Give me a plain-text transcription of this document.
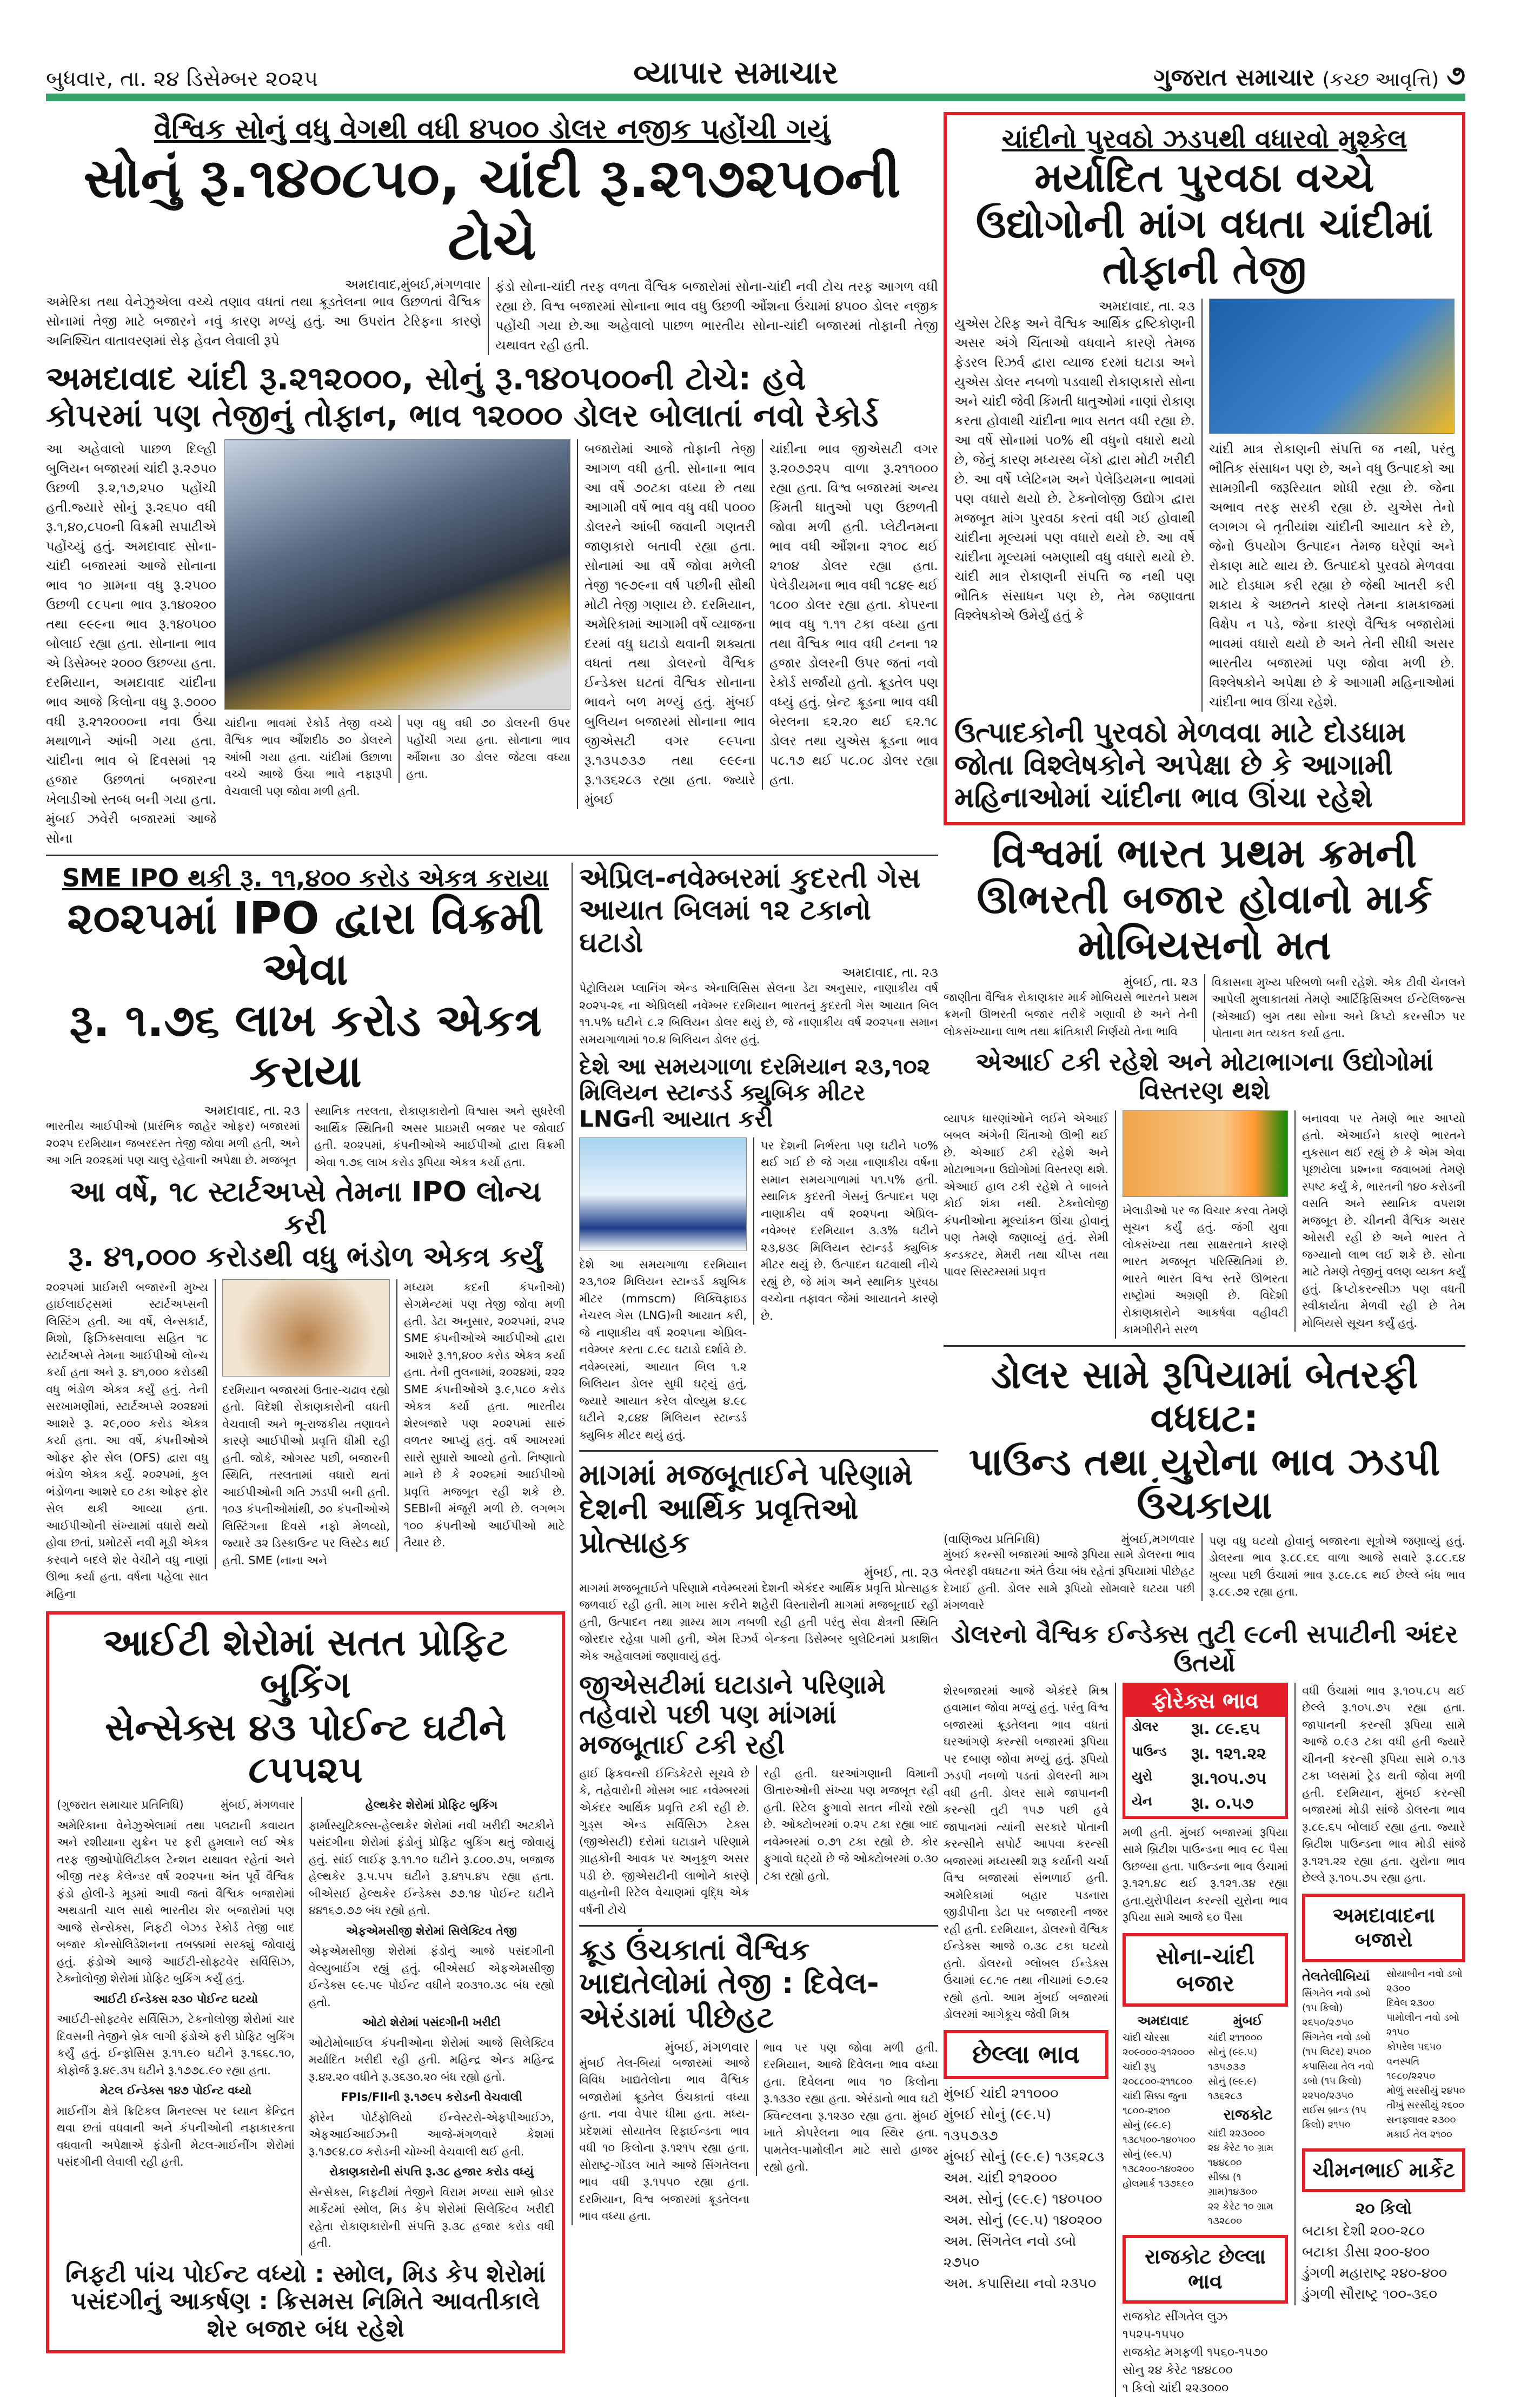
બુધવાર, તા. ૨૪ ડિસેમ્બર ૨૦૨૫	વ્યાપાર સમાચાર	ગુજરાત સમાચાર (કચ્છ આવૃત્તિ) ૭
વૈશ્વિક સોનું વધુ વેગથી વધી ૪૫૦૦ ડોલર નજીક પહોંચી ગયું
સોનું રૂ.૧૪૦૮૫૦, ચાંદી રૂ.૨૧૭૨૫૦ની ટોચે
અમદાવાદ,મુંબઈ,મંગળવાર
અમેરિકા તથા વેનેઝુએલા વચ્ચે તણાવ વધતાં તથા ક્રૂડતેલના ભાવ ઉછળતાં વૈશ્વિક સોનામાં તેજી માટે બજારને નવું કારણ મળ્યું હતું. આ ઉપરાંત ટેરિફના કારણે અનિશ્ચિત વાતાવરણમાં સેફ હેવન લેવાલી રૂપે
ફંડો સોના-ચાંદી તરફ વળતા વૈશ્વિક બજારોમાં સોના-ચાંદી નવી ટોચ તરફ આગળ વધી રહ્યા છે. વિશ્વ બજારમાં સોનાના ભાવ વધુ ઉછળી ઔંશના ઉંચામાં ૪૫૦૦ ડોલર નજીક પહોંચી ગયા છે.આ અહેવાલો પાછળ ભારતીય સોના-ચાંદી બજારમાં તોફાની તેજી યથાવત રહી હતી.
અમદાવાદ ચાંદી રૂ.૨૧૨૦૦૦, સોનું રૂ.૧૪૦૫૦૦ની ટોચે: હવે
કોપરમાં પણ તેજીનું તોફાન, ભાવ ૧૨૦૦૦ ડોલર બોલાતાં નવો રેકોર્ડ
આ અહેવાલો પાછળ દિલ્હી બુલિયન બજારમાં ચાંદી રૂ.૨૭૫૦ ઉછળી રૂ.૨,૧૭,૨૫૦ પહોંચી હતી.જ્યારે સોનું રૂ.૨૬૫૦ વધી રૂ.૧,૪૦,૮૫૦ની વિક્રમી સપાટીએ પહોંચ્યું હતું. અમદાવાદ સોના-ચાંદી બજારમાં આજે સોનાના ભાવ ૧૦ ગ્રામના વધુ રૂ.૨૫૦૦ ઉછળી ૯૯૫ના ભાવ રૂ.૧૪૦૨૦૦ તથા ૯૯૯ના ભાવ રૂ.૧૪૦૫૦૦ બોલાઈ રહ્યા હતા. સોનાના ભાવ એ ડિસેમ્બર ૨૦૦૦ ઉછળ્યા હતા. દરમિયાન, અમદાવાદ ચાંદીના ભાવ આજે કિલોના વધુ રૂ.૭૦૦૦ વધી રૂ.૨૧૨૦૦૦ના નવા ઉંચા મથાળાને આંબી ગયા હતા. ચાંદીના ભાવ બે દિવસમાં ૧૨ હજાર ઉછળતાં બજારના ખેલાડીઓ સ્તબ્ધ બની ગયા હતા. મુંબઈ ઝવેરી બજારમાં આજે સોના
ચાંદીના ભાવમાં રેકોર્ડ તેજી વચ્ચે વૈશ્વિક ભાવ ઔંશદીઠ ૭૦ ડોલરને આંબી ગયા હતા. ચાંદીમાં ઉછાળા વચ્ચે આજે ઉંચા ભાવે નફારૂપી વેચવાલી પણ જોવા મળી હતી.
પણ વધુ વધી ૭૦ ડોલરની ઉપર પહોંચી ગયા હતા. સોનાના ભાવ ઔંશના ૩૦ ડોલર જેટલા વધ્યા હતા.
બજારોમાં આજે તોફાની તેજી આગળ વધી હતી. સોનાના ભાવ આ વર્ષે ૭૦ટકા વધ્યા છે તથા આગામી વર્ષે ભાવ વધુ વધી ૫૦૦૦ ડોલરને આંબી જવાની ગણતરી જાણકારો બતાવી રહ્યા હતા. સોનામાં આ વર્ષે જોવા મળેલી તેજી ૧૯૭૯ના વર્ષ પછીની સૌથી મોટી તેજી ગણાય છે. દરમિયાન, અમેરિકામાં આગામી વર્ષે વ્યાજના દરમાં વધુ ઘટાડો થવાની શક્યતા વધતાં તથા ડોલરનો વૈશ્વિક ઈન્ડેક્સ ઘટતાં વૈશ્વિક સોનાના ભાવને બળ મળ્યું હતું. મુંબઈ બુલિયન બજારમાં સોનાના ભાવ જીએસટી વગર ૯૯૫ના રૂ.૧૩૫૭૩૭ તથા ૯૯૯ના રૂ.૧૩૬૨૮૩ રહ્યા હતા. જ્યારે મુંબઈ
ચાંદીના ભાવ જીએસટી વગર રૂ.૨૦૭૭૨૫ વાળા રૂ.૨૧૧૦૦૦ રહ્યા હતા. વિશ્વ બજારમાં અન્ય કિંમતી ધાતુઓ પણ ઉછળતી જોવા મળી હતી. પ્લેટીનમના ભાવ વધી ઔંશના ૨૧૦૮ થઈ ૨૧૦૪ ડોલર રહ્યા હતા. પેલેડીયમના ભાવ વધી ૧૮૪૯ થઈ ૧૮૦૦ ડોલર રહ્યા હતા. કોપરના ભાવ વધુ ૧.૧૧ ટકા વધ્યા હતા તથા વૈશ્વિક ભાવ વધી ટનના ૧૨ હજાર ડોલરની ઉપર જતાં નવો રેકોર્ડ સર્જાયો હતો. ક્રૂડતેલ પણ વધ્યું હતું. બ્રેન્ટ ક્રૂડના ભાવ વધી બેરલના ૬૨.૨૦ થઈ ૬૨.૧૮ ડોલર તથા યુએસ ક્રૂડના ભાવ ૫૮.૧૭ થઈ ૫૮.૦૮ ડોલર રહ્યા હતા.
SME IPO થકી રૂ. ૧૧,૪૦૦ કરોડ એકત્ર કરાયા
૨૦૨૫માં IPO દ્વારા વિક્રમી એવા
રૂ. ૧.૭૬ લાખ કરોડ એકત્ર કરાયા
અમદાવાદ, તા. ૨૩
ભારતીય આઈપીઓ (પ્રારંભિક જાહેર ઓફર) બજારમાં ૨૦૨૫ દરમિયાન જબરદસ્ત તેજી જોવા મળી હતી, અને આ ગતિ ૨૦૨૬માં પણ ચાલુ રહેવાની અપેક્ષા છે. મજબૂત
સ્થાનિક તરલતા, રોકાણકારોનો વિશ્વાસ અને સુધરેલી આર્થિક સ્થિતિની અસર પ્રાઇમરી બજાર પર જોવાઈ હતી. ૨૦૨૫માં, કંપનીઓએ આઈપીઓ દ્વારા વિક્રમી એવા ૧.૭૬ લાખ કરોડ રૂપિયા એકત્ર કર્યા હતા.
આ વર્ષે, ૧૮ સ્ટાર્ટઅપ્સે તેમના IPO લોન્ચ કરી
રૂ. ૪૧,૦૦૦ કરોડથી વધુ ભંડોળ એકત્ર કર્યું
૨૦૨૫માં પ્રાઈમરી બજારની મુખ્ય હાઈલાઈટ્સમાં સ્ટાર્ટઅપ્સની લિસ્ટિંગ હતી. આ વર્ષે, લેન્સકાર્ટ, મિશો, ફિઝિક્સવાલા સહિત ૧૮ સ્ટાર્ટઅપ્સે તેમના આઈપીઓ લોન્ચ કર્યા હતા અને રૂ. ૪૧,૦૦૦ કરોડથી વધુ ભંડોળ એકત્ર કર્યું હતું. તેની સરખામણીમાં, સ્ટાર્ટઅપ્સે ૨૦૨૪માં આશરે રૂ. ૨૯,૦૦૦ કરોડ એકત્ર કર્યા હતા. આ વર્ષે, કંપનીઓએ ઓફર ફોર સેલ (OFS) દ્વારા વધુ ભંડોળ એકત્ર કર્યું. ૨૦૨૫માં, કુલ ભંડોળના આશરે ૬૦ ટકા ઓફર ફોર સેલ થકી આવ્યા હતા. આઈપીઓની સંખ્યામાં વધારો થયો હોવા છતાં, પ્રમોટર્સે નવી મૂડી એકત્ર કરવાને બદલે શેર વેચીને વધુ નાણાં ઊભા કર્યા હતા. વર્ષના પહેલા સાત મહિના
દરમિયાન બજારમાં ઉતાર-ચઢાવ રહ્યો હતો. વિદેશી રોકાણકારોની વધતી વેચવાલી અને ભૂ-રાજકીય તણાવને કારણે આઈપીઓ પ્રવૃત્તિ ધીમી રહી હતી. જોકે, ઓગસ્ટ પછી, બજારની સ્થિતિ, તરલતામાં વધારો થતાં આઈપીઓની ગતિ ઝડપી બની હતી. ૧૦૩ કંપનીઓમાંથી, ૭૦ કંપનીઓએ લિસ્ટિંગના દિવસે નફો મેળવ્યો, જ્યારે ૩૨ ડિસ્કાઉન્ટ પર લિસ્ટેડ થઈ હતી. SME (નાના અને
મધ્યમ કદની કંપનીઓ) સેગમેન્ટમાં પણ તેજી જોવા મળી હતી. ડેટા અનુસાર, ૨૦૨૫માં, ૨૫૨ SME કંપનીઓએ આઈપીઓ દ્વારા આશરે રૂ.૧૧,૪૦૦ કરોડ એકત્ર કર્યા હતા. તેની તુલનામાં, ૨૦૨૪માં, ૨૨૨ SME કંપનીઓએ રૂ.૯,૫૮૦ કરોડ એકત્ર કર્યા હતા. ભારતીય શેરબજારે પણ ૨૦૨૫માં સારું વળતર આપ્યું હતું. વર્ષ આખરમાં સારો સુધારો આવ્યો હતો. નિષ્ણાતો માને છે કે ૨૦૨૬માં આઈપીઓ પ્રવૃત્તિ મજબૂત રહી શકે છે. SEBIની મંજૂરી મળી છે. લગભગ ૧૦૦ કંપનીઓ આઈપીઓ માટે તૈયાર છે.
આઈટી શેરોમાં સતત પ્રોફિટ બુકિંગ
સેન્સેક્સ ૪૩ પોઈન્ટ ઘટીને ૮૫૫૨૫
(ગુજરાત સમાચાર પ્રતિનિધિ)	મુંબઈ, મંગળવાર

અમેરિકાના વેનેઝુએલામાં તથા પલટાની કવાયત અને રશીયાના યુક્રેન પર ફરી હુમલાને લઈ એક તરફ જીઓપોલિટીકલ ટેન્શન યથાવત રહેતાં અને બીજી તરફ કેલેન્ડર વર્ષ ૨૦૨૫ના અંત પૂર્વે વૈશ્વિક ફંડો હોલી-ડે મૂડમાં આવી જતાં વૈશ્વિક બજારોમાં અથડાતી ચાલ સાથે ભારતીય શેર બજારોમાં પણ આજે સેન્સેક્સ, નિફટી બેઝડ રેકોર્ડ તેજી બાદ બજાર કોન્સોલિડેશનના તબક્કામાં સરક્યું જોવાયું હતું. ફંડોએ આજે આઈટી-સોફ્ટવેર સર્વિસિઝ, ટેક્નોલોજી શેરોમાં પ્રોફિટ બુકિંગ કર્યું હતું.

આઈટી ઈન્ડેક્સ ૨૩૦ પોઈન્ટ ઘટયો

આઈટી-સોફ્ટવેર સર્વિસિઝ, ટેકનોલોજી શેરોમાં ચાર દિવસની તેજીને બ્રેક લાગી ફંડોએ ફરી પ્રોફિટ બુકિંગ કર્યું હતું. ઈન્ફોસિસ રૂ.૧૧.૯૦ ઘટીને રૂ.૧૬૬૮.૧૦, કોફોર્જ રૂ.૪૯.૩૫ ઘટીને રૂ.૧૭૭૮.૯૦ રહ્યા હતા.

મેટલ ઈન્ડેક્સ ૧૪૭ પોઈન્ટ વધ્યો

માઈનીંગ ક્ષેત્રે ક્રિટિકલ મિનરલ્સ પર ધ્યાન કેન્દ્રિત થવા છતાં વધવાની અને કંપનીઓની નફાકારકતા વધવાની અપેક્ષાએ ફંડોની મેટલ-માઈનીંગ શેરોમાં પસંદગીની લેવાલી રહી હતી.

હેલ્થકેર શેરોમાં પ્રોફિટ બુકિંગ

ફાર્માસ્યુટિકલ્સ-હેલ્થકેર શેરોમાં નવી ખરીદી અટકીને પસંદગીના શેરોમાં ફંડોનું પ્રોફિટ બુકિંગ થતું જોવાયું હતું. સાંઈ લાઈફ રૂ.૧૧.૧૦ ઘટીને રૂ.૮૦૦.૭૫, બજાજ હેલ્થકેર રૂ.૫.૫૫ ઘટીને રૂ.૪૧૫.૪૫ રહ્યા હતા. બીએસઈ હેલ્થકેર ઈન્ડેક્સ ૭૭.૧૪ પોઈન્ટ ઘટીને ૪૪૧૬૭.૭૭ બંધ રહ્યો હતો.

એફએમસીજી શેરોમાં સિલેક્ટિવ તેજી

એફએમસીજી શેરોમાં ફંડોનું આજે પસંદગીની વેલ્યુબાઈંગ રહ્યું હતું. બીએસઈ એફએમસીજી ઈન્ડેક્સ ૯૯.૫૯ પોઈન્ટ વધીને ૨૦૩૧૦.૩૮ બંધ રહ્યો હતો.

ઓટો શેરોમાં પસંદગીની ખરીદી

ઓટોમોબાઈલ કંપનીઓના શેરોમાં આજે સિલેક્ટિવ મર્યાદિત ખરીદી રહી હતી. મહિન્દ્ર એન્ડ મહિન્દ્ર રૂ.૪૨.૨૦ વધીને રૂ.૩૬૩૦.૨૦ બંધ રહ્યો હતો.

FPIs/FIIની રૂ.૧૭૯૫ કરોડની વેચવાલી

ફોરેન પોર્ટફોલિયો ઈન્વેસ્ટરો-એફપીઆઈઝ, એફઆઈઆઈઝની આજે-મંગળવારે કેશમાં રૂ.૧૭૯૪.૮૦ કરોડની ચોખ્ખી વેચવાલી થઈ હતી.

રોકાણકારોની સંપત્તિ રૂ.૩૮ હજાર કરોડ વધ્યું

સેન્સેક્સ, નિફટીમાં તેજીને વિરામ મળ્યા સામે બ્રોડર માર્કેટમાં સ્મોલ, મિડ કેપ શેરોમાં સિલેક્ટિવ ખરીદી રહેતા રોકાણકારોની સંપત્તિ રૂ.૩૮ હજાર કરોડ વધી હતી.

નિફટી પાંચ પોઈન્ટ વધ્યો : સ્મોલ, મિડ કેપ શેરોમાં પસંદગીનું આકર્ષણ : ક્રિસમસ નિમિતે આવતીકાલે શેર બજાર બંધ રહેશે
એપ્રિલ-નવેમ્બરમાં કુદરતી ગેસ આયાત બિલમાં ૧૨ ટકાનો ઘટાડો
અમદાવાદ, તા. ૨૩
પેટ્રોલિયમ પ્લાનિંગ એન્ડ એનાલિસિસ સેલના ડેટા અનુસાર, નાણાકીય વર્ષ ૨૦૨૫-૨૬ ના એપ્રિલથી નવેમ્બર દરમિયાન ભારતનું કુદરતી ગેસ આયાત બિલ ૧૧.૫% ઘટીને ૮.૨ બિલિયન ડોલર થયું છે, જે નાણાકીય વર્ષ ૨૦૨૫ના સમાન સમયગાળામાં ૧૦.૪ બિલિયન ડોલર હતું.
દેશે આ સમયગાળા દરમિયાન ૨૩,૧૦૨ મિલિયન સ્ટાન્ડર્ડ ક્યુબિક મીટર LNGની આયાત કરી
દેશે આ સમયગાળા દરમિયાન ૨૩,૧૦૨ મિલિયન સ્ટાન્ડર્ડ ક્યુબિક મીટર (mmscm) લિક્વિફાઇડ નેચરલ ગેસ (LNG)ની આયાત કરી, જે નાણાકીય વર્ષ ૨૦૨૫ના એપ્રિલ-નવેમ્બર કરતા ૮.૯૮ ઘટાડો દર્શાવે છે. નવેમ્બરમાં, આયાત બિલ ૧.૨ બિલિયન ડોલર સુધી ઘટ્યું હતું, જ્યારે આયાત કરેલ વોલ્યુમ ૪.૯૮ ઘટીને ૨,૮૪૪ મિલિયન સ્ટાન્ડર્ડ ક્યુબિક મીટર થયું હતું.
પર દેશની નિર્ભરતા પણ ઘટીને ૫૦% થઈ ગઈ છે જે ગયા નાણાકીય વર્ષના સમાન સમયગાળામાં ૫૧.૫% હતી. સ્થાનિક કુદરતી ગેસનું ઉત્પાદન પણ નાણાકીય વર્ષ ૨૦૨૫ના એપ્રિલ-નવેમ્બર દરમિયાન ૩.૩% ઘટીને ૨૩,૪૩૯ મિલિયન સ્ટાન્ડર્ડ ક્યુબિક મીટર થયું છે. ઉત્પાદન ઘટવાથી નીચે રહ્યું છે, જે માંગ અને સ્થાનિક પુરવઠા વચ્ચેના તફાવત જેમાં આયાતને કારણે છે.
માગમાં મજબૂતાઈને પરિણામે દેશની આર્થિક પ્રવૃત્તિઓ પ્રોત્સાહક
મુંબઈ, તા. ૨૩
માગમાં મજબૂતાઈને પરિણામે નવેમ્બરમાં દેશની એકંદર આર્થિક પ્રવૃત્તિ પ્રોત્સાહક જળવાઈ રહી હતી. માગ ખાસ કરીને શહેરી વિસ્તારોની માગમાં મજબૂતાઈ રહી હતી, ઉત્પાદન તથા ગ્રામ્ય માગ નબળી રહી હતી પરંતુ સેવા ક્ષેત્રની સ્થિતિ જોરદાર રહેવા પામી હતી, એમ રિઝર્વ બેન્કના ડિસેમ્બર બુલેટિનમાં પ્રકાશિત એક અહેવાલમાં જણાવાયું હતું.
જીએસટીમાં ઘટાડાને પરિણામે તહેવારો પછી પણ માંગમાં મજબૂતાઈ ટકી રહી
હાઈ ફ્રિકવન્સી ઈન્ડિકેટરો સૂચવે છે કે, તહેવારોની મોસમ બાદ નવેમ્બરમાં એકંદર આર્થિક પ્રવૃત્તિ ટકી રહી છે. ગુડ્સ એન્ડ સર્વિસિઝ ટેક્સ (જીએસટી) દરોમાં ઘટાડાને પરિણામે ગ્રાહકોની આવક પર અનુકૂળ અસર પડી છે. જીએસટીની લાભોને કારણે વાહનોની રિટેલ વેચાણમાં વૃદ્ધિ એક વર્ષની ટોચે
રહી હતી. ઘરઆંગણાની વિમાની ઊતારુઓની સંખ્યા પણ મજબૂત રહી હતી. રિટેલ ફુગાવો સતત નીચો રહ્યો છે. ઓક્ટોબરમાં ૦.૨૫ ટકા રહ્યા બાદ નવેમ્બરમાં ૦.૭૧ ટકા રહ્યો છે. કોર ફુગાવો ઘટ્યો છે જે ઓક્ટોબરમાં ૦.૩૦ ટકા રહ્યો હતો.
ક્રૂડ ઉંચકાતાં વૈશ્વિક ખાદ્યતેલોમાં તેજી : દિવેલ-એરંડામાં પીછેહટ
મુંબઈ, મંગળવાર
મુંબઈ તેલ-બિયાં બજારમાં આજે વિવિધ ખાદ્યતેલોના ભાવ વૈશ્વિક બજારોમાં ક્રૂડતેલ ઉંચકાતાં વધ્યા હતા. નવા વેપાર ધીમા હતા. મધ્ય-પ્રદેશમાં સોયાતેલ રિફાઈન્ડના ભાવ વધી ૧૦ કિલોના રૂ.૧૨૧૫ રહ્યા હતા. સોરાષ્ટ્ર-ગોંડલ ખાતે આજે સિંગતેલના ભાવ વધી રૂ.૧૫૫૦ રહ્યા હતા. દરમિયાન, વિશ્વ બજારમાં ક્રૂડતેલના ભાવ વધ્યા હતા.
ભાવ પર પણ જોવા મળી હતી. દરમિયાન, આજે દિવેલના ભાવ વધ્યા હતા. દિવેલના ભાવ ૧૦ કિલોના રૂ.૧૩૩૦ રહ્યા હતા. એરંડાનો ભાવ ઘટી ક્વિન્ટલના રૂ.૧૨૩૦ રહ્યા હતા. મુંબઈ ખાતે કોપરેલના ભાવ સ્થિર હતા. પામતેલ-પામોલીન માટે સારો હાજર રહ્યો હતો.
ચાંદીનો પુરવઠો ઝડપથી વધારવો મુશ્કેલ
મર્યાદિત પુરવઠા વચ્ચે ઉદ્યોગોની માંગ વધતા ચાંદીમાં તોફાની તેજી
અમદાવાદ, તા. ૨૩
યુએસ ટેરિફ અને વૈશ્વિક આર્થિક દ્રષ્ટિકોણની અસર અંગે ચિંતાઓ વધવાને કારણે તેમજ ફેડરલ રિઝર્વ દ્વારા વ્યાજ દરમાં ઘટાડા અને યુએસ ડોલર નબળો પડવાથી રોકાણકારો સોના અને ચાંદી જેવી કિંમતી ધાતુઓમાં નાણાં રોકાણ કરતા હોવાથી ચાંદીના ભાવ સતત વધી રહ્યા છે. આ વર્ષે સોનામાં ૫૦% થી વધુનો વધારો થયો છે, જેનું કારણ મધ્યસ્થ બેંકો દ્વારા મોટી ખરીદી છે. આ વર્ષે પ્લેટિનમ અને પેલેડિયમના ભાવમાં પણ વધારો થયો છે. ટેક્નોલોજી ઉદ્યોગ દ્વારા મજબૂત માંગ પુરવઠા કરતાં વધી ગઈ હોવાથી ચાંદીના મૂલ્યમાં પણ વધારો થયો છે. આ વર્ષે ચાંદીના મૂલ્યમાં બમણાથી વધુ વધારો થયો છે. ચાંદી માત્ર રોકાણની સંપત્તિ જ નથી પણ ભૌતિક સંસાધન પણ છે, તેમ જણાવતા વિશ્લેષકોએ ઉમેર્યું હતું કે
ચાંદી માત્ર રોકાણની સંપત્તિ જ નથી, પરંતુ ભૌતિક સંસાધન પણ છે, અને વધુ ઉત્પાદકો આ સામગ્રીની જરૂરિયાત શોધી રહ્યા છે. જેના અભાવ તરફ સરકી રહ્યા છે. યુએસ તેનો લગભગ બે તૃતીયાંશ ચાંદીની આયાત કરે છે, જેનો ઉપયોગ ઉત્પાદન તેમજ ઘરેણાં અને રોકાણ માટે થાય છે. ઉત્પાદકો પુરવઠો મેળવવા માટે દોડધામ કરી રહ્યા છે જેથી ખાતરી કરી શકાય કે અછતને કારણે તેમના કામકાજમાં વિક્ષેપ ન પડે, જેના કારણે વૈશ્વિક બજારોમાં ભાવમાં વધારો થયો છે અને તેની સીધી અસર ભારતીય બજારમાં પણ જોવા મળી છે. વિશ્લેષકોને અપેક્ષા છે કે આગામી મહિનાઓમાં ચાંદીના ભાવ ઊંચા રહેશે.
ઉત્પાદકોની પુરવઠો મેળવવા માટે દોડધામ જોતા વિશ્લેષકોને અપેક્ષા છે કે આગામી મહિનાઓમાં ચાંદીના ભાવ ઊંચા રહેશે
વિશ્વમાં ભારત પ્રથમ ક્રમની ઊભરતી બજાર હોવાનો માર્ક મોબિયસનો મત
મુંબઈ, તા. ૨૩
જાણીતા વૈશ્વિક રોકાણકાર માર્ક મોબિયસે ભારતને પ્રથમ ક્રમની ઊભરતી બજાર તરીકે ગણાવી છે અને તેની લોકસંખ્યાના લાભ તથા ક્રાંતિકારી નિર્ણયો તેના ભાવિ
વિકાસના મુખ્ય પરિબળો બની રહેશે. એક ટીવી ચેનલને આપેલી મુલાકાતમાં તેમણે આર્ટિફિસિઅલ ઈન્ટેલિજન્સ (એઆઈ) બુમ તથા સોના અને ક્રિપ્ટો કરન્સીઝ પર પોતાના મત વ્યકત કર્યા હતા.
એઆઈ ટકી રહેશે અને મોટાભાગના ઉદ્યોગોમાં વિસ્તરણ થશે
વ્યાપક ધારણાંઓને લઈને એઆઈ બબલ અંગેની ચિંતાઓ ઊભી થઈ છે. એઆઈ ટકી રહેશે અને મોટાભાગના ઉદ્યોગોમાં વિસ્તરણ થશે. એઆઈ હાલ ટકી રહેશે તે બાબતે કોઈ શંકા નથી. ટેક્નોલોજી કંપનીઓના મૂલ્યાંકન ઊંચા હોવાનું પણ તેમણે જણાવ્યું હતું. સેમી કન્ડકટર, મેમરી તથા ચીપ્સ તથા પાવર સિસ્ટમ્સમાં પ્રવૃત્ત
ખેલાડીઓ પર જ વિચાર કરવા તેમણે સૂચન કર્યું હતું. જંગી યુવા લોકસંખ્યા તથા સાક્ષરતાને કારણે ભારત મજબૂત પરિસ્થિતિમાં છે. ભારતે ભારત વિશ્વ સ્તરે ઊભરતા રાષ્ટ્રોમાં અગ્રણી છે. વિદેશી રોકાણકારોને આકર્ષવા વહીવટી કામગીરીને સરળ
બનાવવા પર તેમણે ભાર આપ્યો હતો. એઆઈને કારણે ભારતને નુકસાન થઈ રહ્યું છે કે એમ એવા પૂછાયેલા પ્રશ્નના જવાબમાં તેમણે સ્પષ્ટ કર્યું કે, ભારતની ૧૪૦ કરોડની વસતિ અને સ્થાનિક વપરાશ મજબૂત છે. ચીનની વૈશ્વિક અસર ઓસરી રહી છે અને ભારત તે જગ્યાનો લાભ લઈ શકે છે. સોના માટે તેમણે તેજીનું વલણ વ્યક્ત કર્યું હતું. ક્રિપ્ટોકરન્સીઝ પણ વધતી સ્વીકાર્યતા મેળવી રહી છે તેમ મોબિયસે સૂચન કર્યું હતું.
ડોલર સામે રૂપિયામાં બેતરફી વધઘટ:
પાઉન્ડ તથા યુરોના ભાવ ઝડપી ઉંચકાયા
(વાણિજ્ય પ્રતિનિધિ)	મુંબઈ,મગળવાર
મુંબઈ કરન્સી બજારમાં આજે રૂપિયા સામે ડોલરના ભાવ બેતરફી વધઘટના અંતે ઉંચા બંધ રહેતાં રૂપિયામાં પીછેહટ દેખાઈ હતી. ડોલર સામે રૂપિયો સોમવારે ઘટયા પછી મંગળવારે
પણ વધુ ઘટયો હોવાનું બજારના સૂત્રોએ જણાવ્યું હતું. ડોલરના ભાવ રૂ.૮૯.૬૬ વાળા આજે સવારે રૂ.૮૯.૬૪ ખુલ્યા પછી ઉંચામાં ભાવ રૂ.૮૯.૮૬ થઈ છેલ્લે બંધ ભાવ રૂ.૮૯.૭૨ રહ્યા હતા.
ડોલરનો વૈશ્વિક ઈન્ડેક્સ તુટી ૯૮ની સપાટીની અંદર ઉતર્યો
શેરબજારમાં આજે એકંદરે મિશ્ર હવામાન જોવા મળ્યું હતું. પરંતુ વિશ્વ બજારમાં ક્રૂડતેલના ભાવ વધતાં ઘરઆંગણે કરન્સી બજારમાં રૂપિયા પર દબાણ જોવા મળ્યું હતું. રૂપિયો ઝડપી નબળો પડતાં ડોલરની માગ વધી હતી. ડોલર સામે જાપાનની કરન્સી તુટી ૧૫૭ પછી હવે જાપાનમાં ત્યાંની સરકારે પોતાની કરન્સીને સપોર્ટ આપવા કરન્સી બજારમાં મધ્યસ્થી શરૂ કર્યાની ચર્ચા વિશ્વ બજારમાં સંભળાઈ હતી. અમેરિકામાં બહાર પડનારા જીડીપીના ડેટા પર બજારની નજર રહી હતી. દરમિયાન, ડોલરનો વૈશ્વિક ઈન્ડેક્સ આજે ૦.૩૮ ટકા ઘટયો હતો. ડોલરનો ગ્લોબલ ઈન્ડેક્સ ઉંચામાં ૯૮.૧૯ તથા નીચામાં ૯૭.૯૨ રહ્યો હતો. આમ મુંબઈ બજારમાં ડોલરમાં આગેકૂચ જેવી મિશ્ર
છેલ્લા ભાવ
મુંબઈ ચાંદી ૨૧૧૦૦૦
મુંબઈ સોનું (૯૯.૫) ૧૩૫૭૩૭
મુંબઈ સોનું (૯૯.૯) ૧૩૬૨૮૩
અમ. ચાંદી ૨૧૨૦૦૦
અમ. સોનું (૯૯.૯) ૧૪૦૫૦૦
અમ. સોનું (૯૯.૫) ૧૪૦૨૦૦
અમ. સિંગતેલ નવો ડબો ૨૭૫૦
અમ. કપાસિયા નવો ૨૩૫૦
ફોરેક્સ ભાવ
ડોલર	રૂા. ૮૯.૬૫
પાઉન્ડ	રૂા. ૧૨૧.૨૨
યુરો	રૂા.૧૦૫.૭૫
યેન	રૂા. ૦.૫૭
મળી હતી. મુંબઈ બજારમાં રૂપિયા સામે બ્રિટીશ પાઉન્ડના ભાવ ૯૮ પૈસા ઉછળ્યા હતા. પાઉન્ડના ભાવ ઉંચામાં રૂ.૧૨૧.૪૮ થઈ રૂ.૧૨૧.૩૪ રહ્યા હતા.યુરોપીયન કરન્સી યુરોના ભાવ રૂપિયા સામે આજે ૬૦ પૈસા
સોના-ચાંદી બજાર
અમદાવાદ
ચાંદી ચોરસા ૨૦૯૦૦૦-૨૧૨૦૦૦
ચાંદી રૂપુ ૨૦૮૮૦૦-૨૧૧૮૦૦
ચાંદી સિક્કા જુના ૧૮૦૦-૨૧૦૦
સોનું (૯૯.૯) ૧૩૮૫૦૦-૧૪૦૫૦૦
સોનું (૯૯.૫) ૧૩૮૨૦૦-૧૪૦૨૦૦
હોલમાર્ક ૧૩૭૬૯૦
મુંબઈ
ચાંદી ૨૧૧૦૦૦
સોનું (૯૯.૫) ૧૩૫૭૩૭
સોનું (૯૯.૯) ૧૩૬૨૮૩
રાજકોટ
ચાંદી ૨૨૩૦૦૦
૨૪ કેરેટ ૧૦ ગ્રામ ૧૪૪૮૦૦
સીક્કા (૧ ગ્રામ)૧૪૩૦૦
૨૨ કેરેટ ૧૦ ગ્રામ ૧૩૨૮૦૦
રાજકોટ છેલ્લા ભાવ
રાજકોટ સીંગતેલ લુઝ ૧૫૨૫-૧૫૫૦
રાજકોટ મગફળી ૧૫૬૦-૧૫૭૦
સોનુ ૨૪ કેરેટ ૧૪૪૮૦૦
૧ કિલો ચાંદી ૨૨૩૦૦૦
વધી ઉંચામાં ભાવ રૂ.૧૦૫.૮૫ થઈ છેલ્લે રૂ.૧૦૫.૭૫ રહ્યા હતા. જાપાનની કરન્સી રૂપિયા સામે આજે ૦.૯૩ ટકા વધી હતી જ્યારે ચીનની કરન્સી રૂપિયા સામે ૦.૧૩ ટકા પ્લસમાં ટ્રેડ થતી જોવા મળી હતી. દરમિયાન, મુંબઈ કરન્સી બજારમાં મોડી સાંજે ડોલરના ભાવ રૂ.૮૯.૬૫ બોલાઈ રહ્યા હતા. જ્યારે બ્રિટીશ પાઉન્ડના ભાવ મોડી સાંજે રૂ.૧૨૧.૨૨ રહ્યા હતા. યુરોના ભાવ છેલ્લે રૂ.૧૦૫.૭૫ રહ્યા હતા.
અમદાવાદના બજારો
તેલતેલીબિયાં
સિંગતેલ નવો ડબો (૧૫ કિલો) ૨૬૫૦/૨૭૫૦
સિંગતેલ નવો ડબો (૧૫ લિટર) ૨૫૦૦
કપાસિયા તેલ નવો ડબો (૧૫ કિલો) ૨૨૫૦/૨૩૫૦
રાઈસ બ્રાન્ડ (૧૫ કિલો) ૨૧૫૦
સોયાબીન નવો ડબો ૨૩૦૦
દિવેલ ૨૩૦૦
પામોલીન નવો ડબો ૨૧૫૦
કોપરેલ ૫૬૫૦
વનસ્પતિ ૧૯૮૦/૨૨૫૦
મોળું સરસીયું ૨૪૫૦
તીખું સરસીયું ૨૬૦૦
સનફ્લાવર ૨૩૦૦
મકાઈ તેલ ૨૧૦૦
ચીમનભાઈ માર્કેટ
૨૦ કિલો
બટાકા દેશી ૨૦૦-૨૮૦
બટાકા ડીસા ૨૦૦-૪૦૦
ડુંગળી મહારાષ્ટ્ર ૨૪૦-૪૦૦
ડુંગળી સૌરાષ્ટ્ર ૧૦૦-૩૬૦
